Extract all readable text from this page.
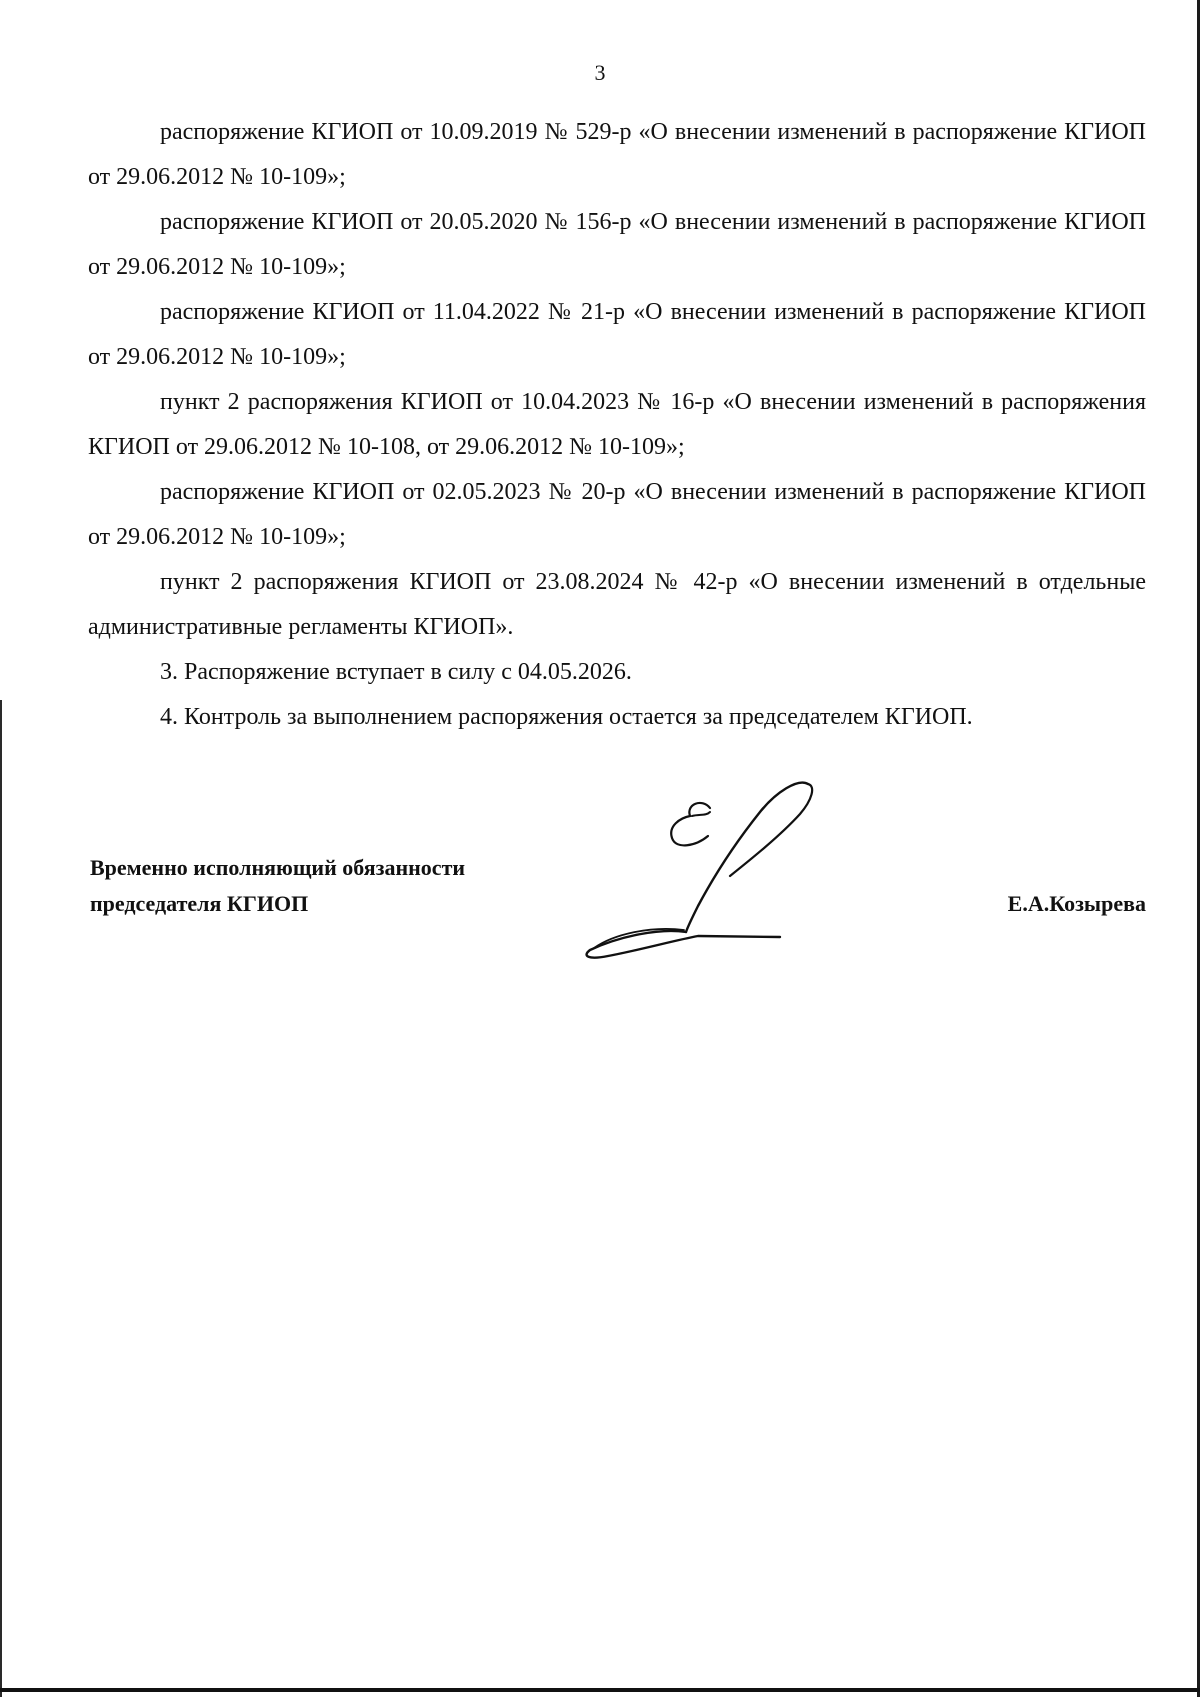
3

распоряжение КГИОП от 10.09.2019 № 529-р «О внесении изменений в распоряжение КГИОП от 29.06.2012 № 10-109»;

распоряжение КГИОП от 20.05.2020 № 156-р «О внесении изменений в распоряжение КГИОП от 29.06.2012 № 10-109»;

распоряжение КГИОП от 11.04.2022 № 21-р «О внесении изменений в распоряжение КГИОП от 29.06.2012 № 10-109»;

пункт 2 распоряжения КГИОП от 10.04.2023 № 16-р «О внесении изменений в распоряжения КГИОП от 29.06.2012 № 10-108, от 29.06.2012 № 10-109»;

распоряжение КГИОП от 02.05.2023 № 20-р «О внесении изменений в распоряжение КГИОП от 29.06.2012 № 10-109»;

пункт 2 распоряжения КГИОП от 23.08.2024 № 42-р «О внесении изменений в отдельные административные регламенты КГИОП».

3. Распоряжение вступает в силу с 04.05.2026.

4. Контроль за выполнением распоряжения остается за председателем КГИОП.

Временно исполняющий обязанности
председателя КГИОП	Е.А.Козырева
